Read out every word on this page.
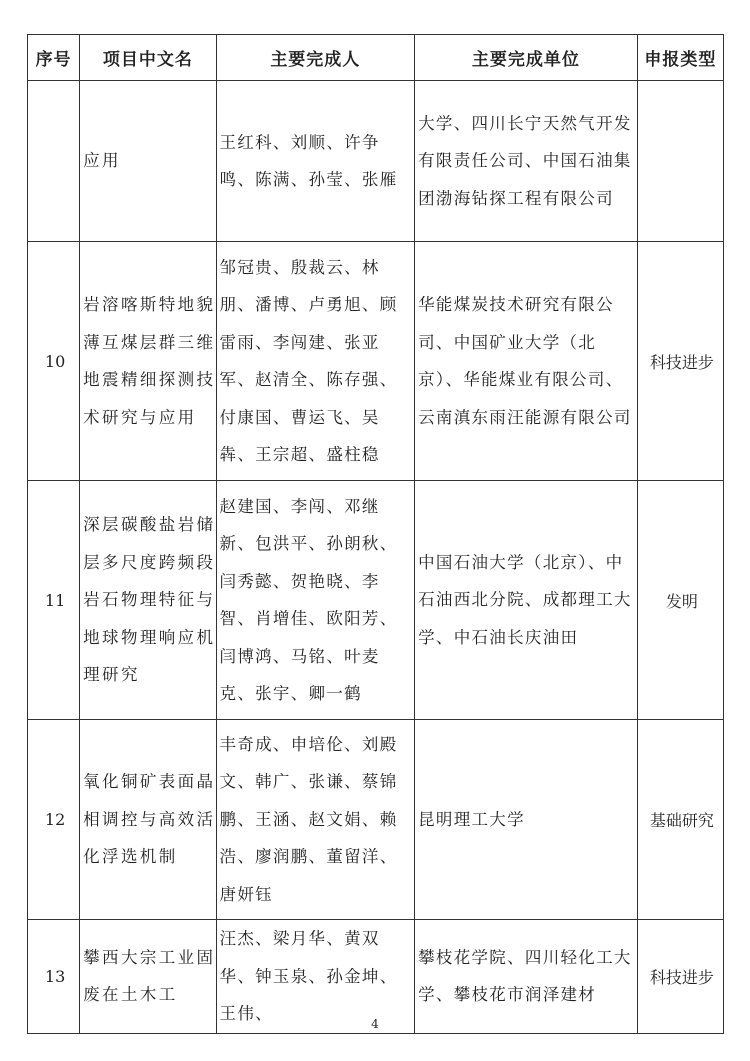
序号	项目中文名	主要完成人	主要完成单位	申报类型

	应用	王红科、刘顺、许争鸣、陈满、孙莹、张雁	大学、四川长宁天然气开发有限责任公司、中国石油集团渤海钻探工程有限公司	

10	岩溶喀斯特地貌薄互煤层群三维地震精细探测技术研究与应用	邹冠贵、殷裁云、林朋、潘博、卢勇旭、顾雷雨、李闯建、张亚军、赵清全、陈存强、付康国、曹运飞、吴犇、王宗超、盛柱稳	华能煤炭技术研究有限公司、中国矿业大学（北京）、华能煤业有限公司、云南滇东雨汪能源有限公司	科技进步
11	深层碳酸盐岩储层多尺度跨频段岩石物理特征与地球物理响应机理研究	赵建国、李闯、邓继新、包洪平、孙朗秋、闫秀懿、贺艳晓、李智、肖增佳、欧阳芳、闫博鸿、马铭、叶麦克、张宇、卿一鹤	中国石油大学（北京）、中石油西北分院、成都理工大学、中石油长庆油田	发明
12	氧化铜矿表面晶相调控与高效活化浮选机制	丰奇成、申培伦、刘殿文、韩广、张谦、蔡锦鹏、王涵、赵文娟、赖浩、廖润鹏、董留洋、唐妍钰	昆明理工大学	基础研究
13	攀西大宗工业固废在土木工	汪杰、梁月华、黄双华、钟玉泉、孙金坤、王伟、	攀枝花学院、四川轻化工大学、攀枝花市润泽建材	科技进步
4
